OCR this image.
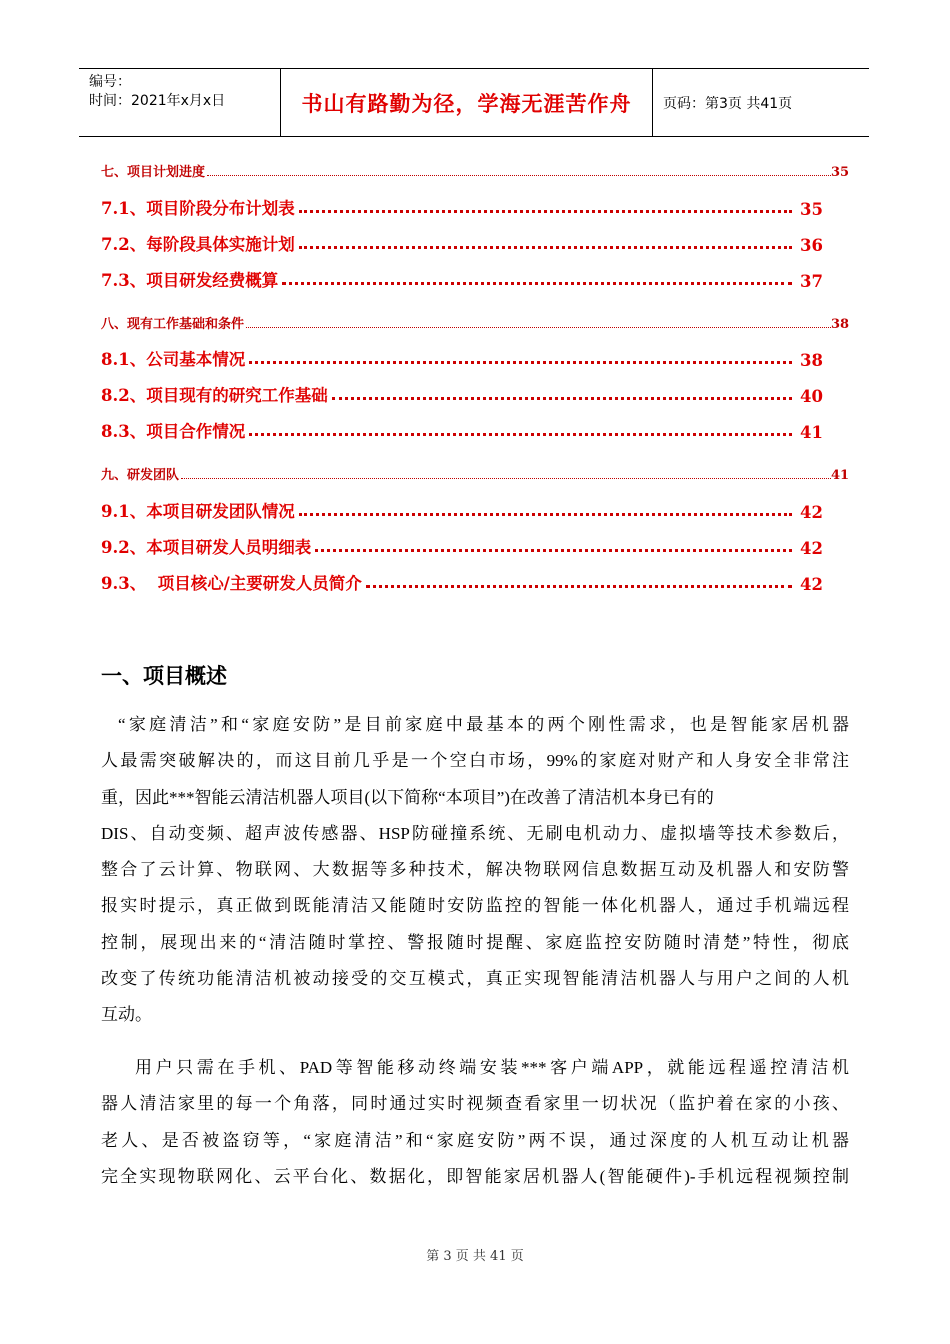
编号：
时间：2021年x月x日	书山有路勤为径，学海无涯苦作舟	页码：第3页 共41页
七、项目计划进度	35
7.1、项目阶段分布计划表	35
7.2、每阶段具体实施计划	36
7.3、项目研发经费概算	37
八、现有工作基础和条件	38
8.1、公司基本情况	38
8.2、项目现有的研究工作基础	40
8.3、项目合作情况	41
九、研发团队	41
9.1、本项目研发团队情况	42
9.2、本项目研发人员明细表	42
9.3、  项目核心/主要研发人员简介	42
一、项目概述
“家庭清洁”和“家庭安防”是目前家庭中最基本的两个刚性需求，也是智能家居机器
人最需突破解决的，而这目前几乎是一个空白市场，99%的家庭对财产和人身安全非常注
重，因此***智能云清洁机器人项目(以下简称“本项目”)在改善了清洁机本身已有的
DIS、自动变频、超声波传感器、HSP防碰撞系统、无刷电机动力、虚拟墙等技术参数后，
整合了云计算、物联网、大数据等多种技术，解决物联网信息数据互动及机器人和安防警
报实时提示，真正做到既能清洁又能随时安防监控的智能一体化机器人，通过手机端远程
控制，展现出来的“清洁随时掌控、警报随时提醒、家庭监控安防随时清楚”特性，彻底
改变了传统功能清洁机被动接受的交互模式，真正实现智能清洁机器人与用户之间的人机
互动。
用户只需在手机、PAD等智能移动终端安装***客户端APP，就能远程遥控清洁机
器人清洁家里的每一个角落，同时通过实时视频查看家里一切状况（监护着在家的小孩、
老人、是否被盗窃等，“家庭清洁”和“家庭安防”两不误，通过深度的人机互动让机器
完全实现物联网化、云平台化、数据化，即智能家居机器人(智能硬件)-手机远程视频控制
第 3 页 共 41 页
